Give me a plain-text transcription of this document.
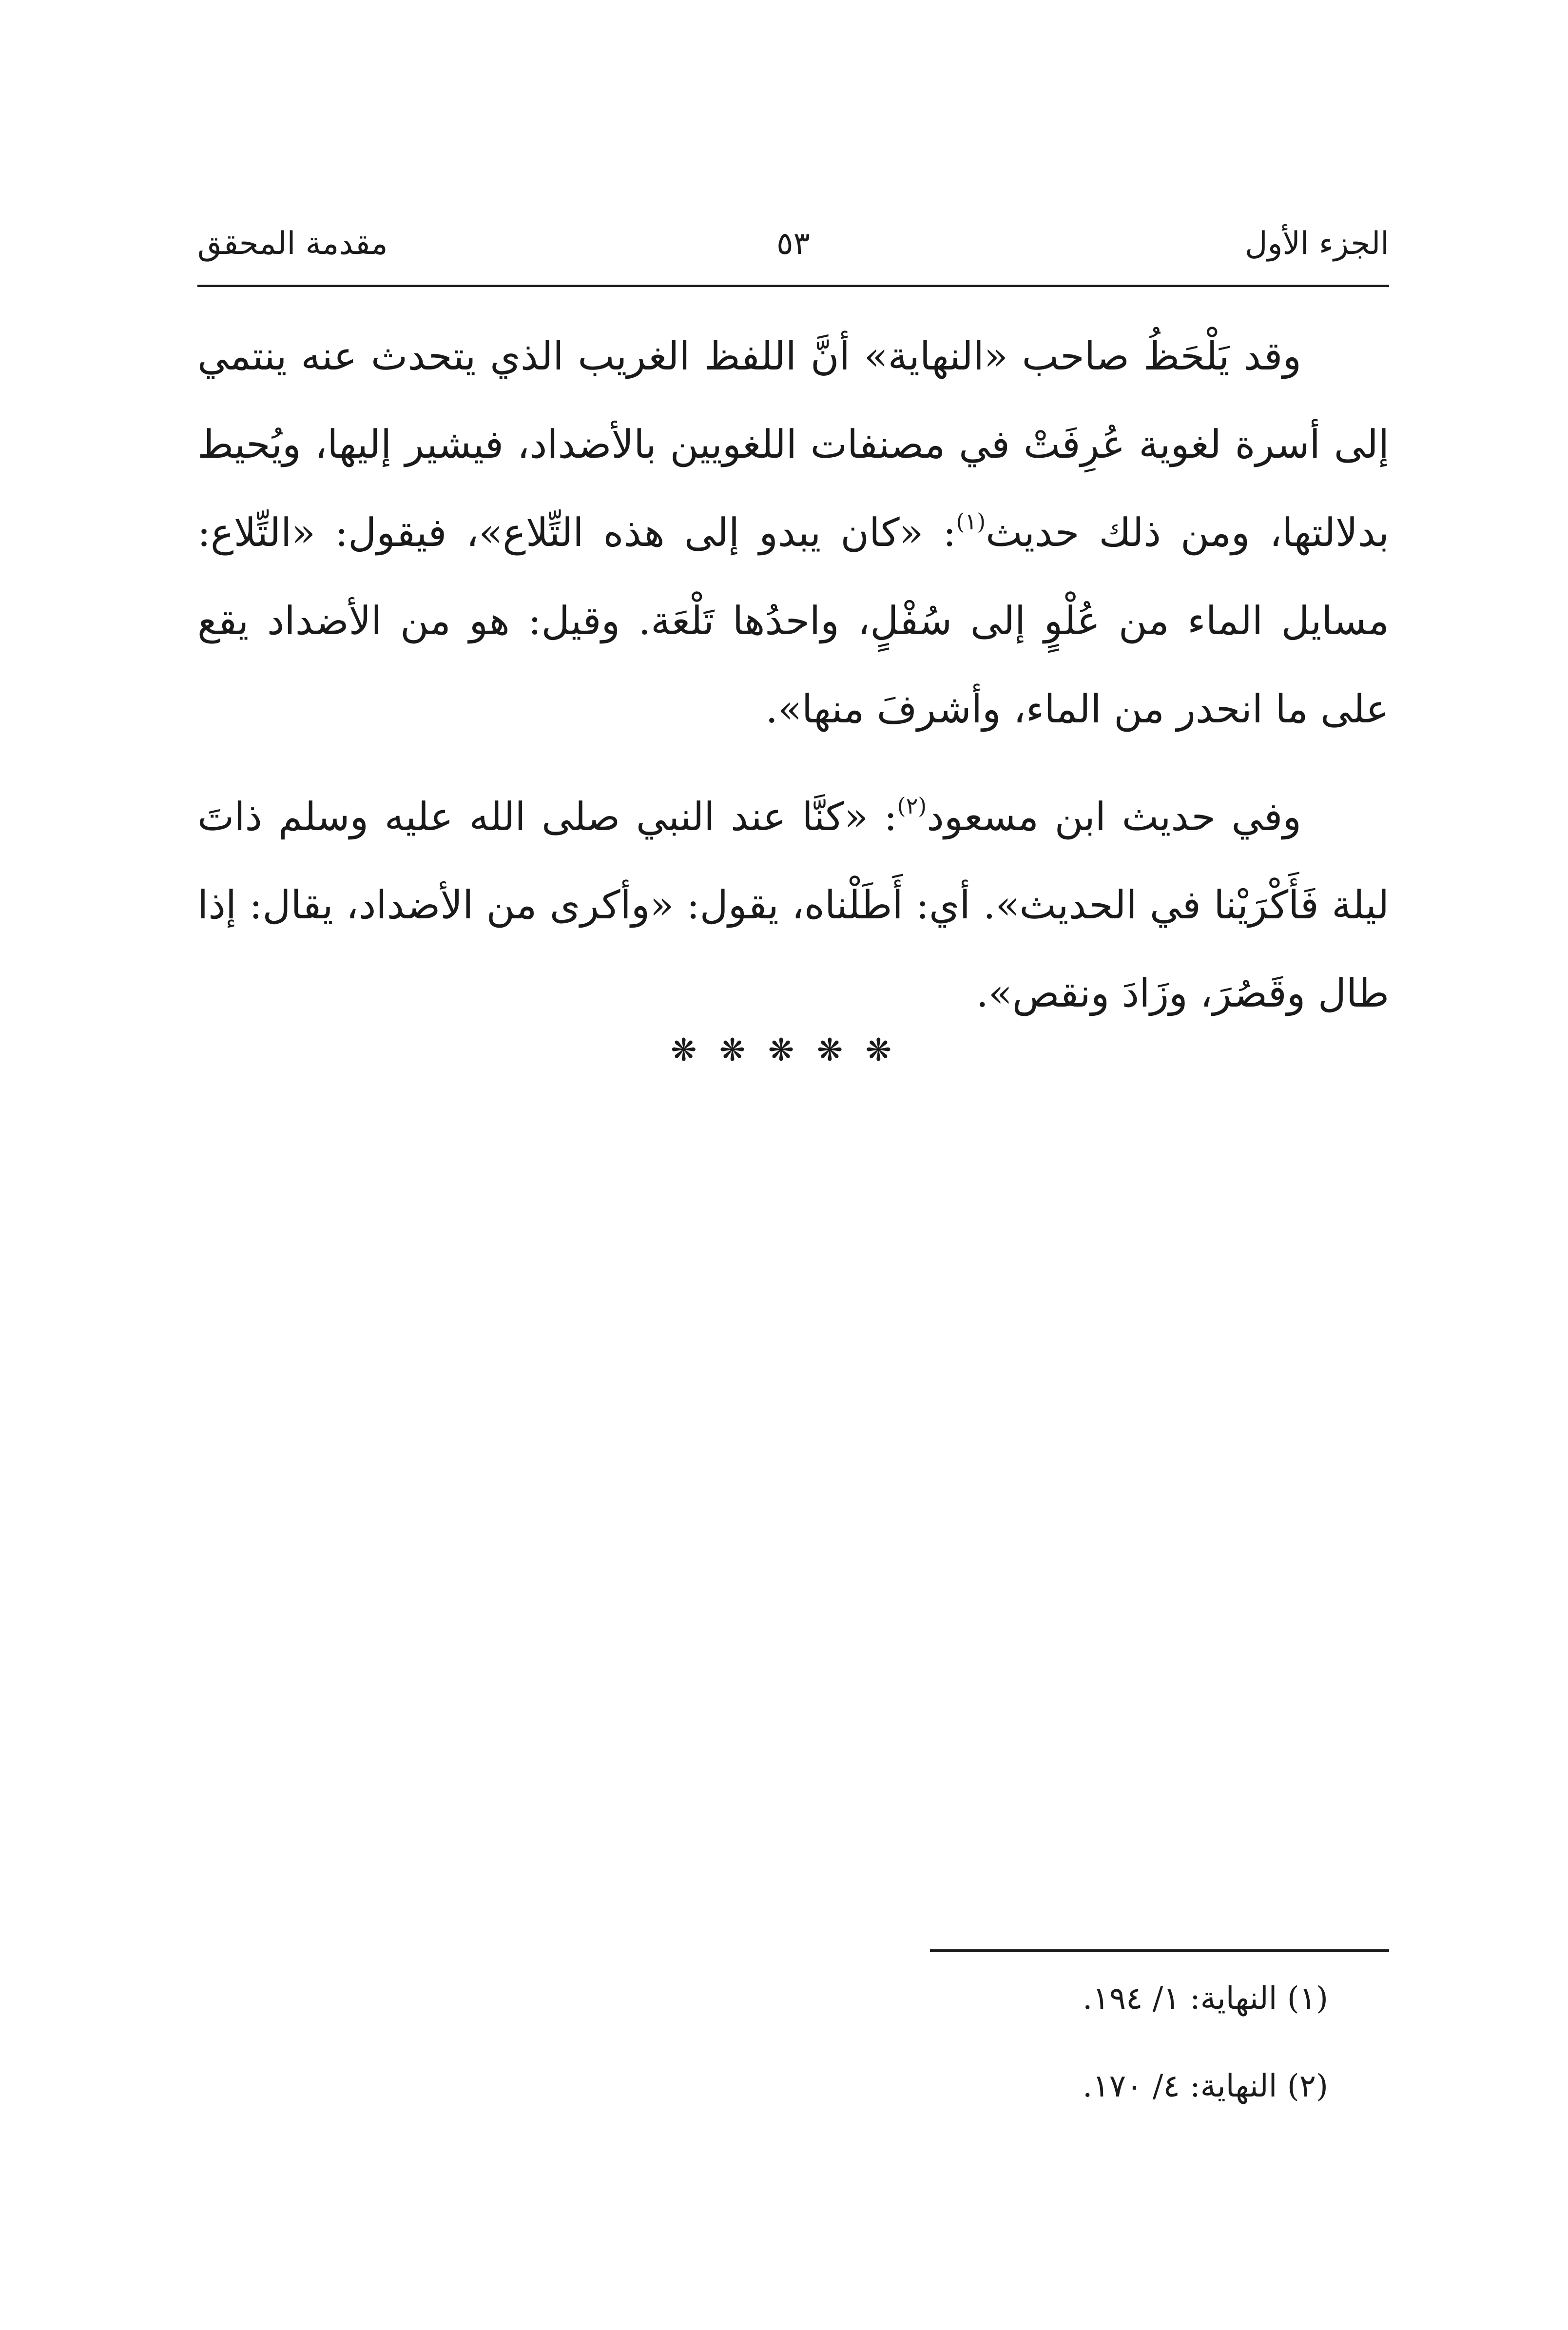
الجزء الأول
٥٣
مقدمة المحقق

وقد يَلْحَظُ صاحب «النهاية» أنَّ اللفظ الغريب الذي يتحدث عنه ينتمي إلى أسرة لغوية عُرِفَتْ في مصنفات اللغويين بالأضداد، فيشير إليها، ويُحيط بدلالتها، ومن ذلك حديث$^{(١)}$: «كان يبدو إلى هذه التِّلاع»، فيقول: «التِّلاع: مسايل الماء من عُلْوٍ إلى سُفْلٍ، واحدُها تَلْعَة. وقيل: هو من الأضداد يقع على ما انحدر من الماء، وأشرفَ منها».

وفي حديث ابن مسعود$^{(٢)}$: «كنَّا عند النبي صلى الله عليه وسلم ذاتَ ليلة فَأَكْرَيْنا في الحديث». أي: أَطَلْناه، يقول: «وأكرى من الأضداد، يقال: إذا طال وقَصُرَ، وزَادَ ونقص».

❋ ❋ ❋ ❋ ❋
(١) النهاية: ١/ ١٩٤.
(٢) النهاية: ٤/ ١٧٠.
